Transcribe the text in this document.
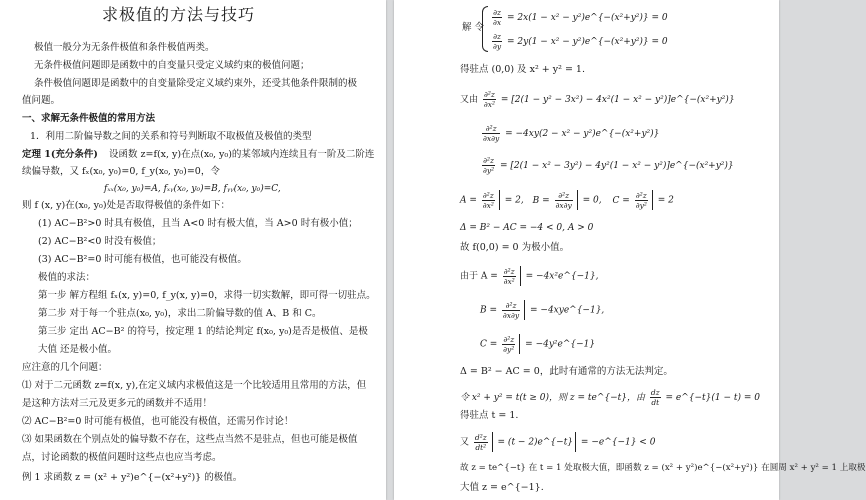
求极值的方法与技巧
极值一般分为无条件极值和条件极值两类。
无条件极值问题即是函数中的自变量只受定义域约束的极值问题；
条件极值问题即是函数中的自变量除受定义域约束外，还受其他条件限制的极
值问题。
一、求解无条件极值的常用方法
1．利用二阶偏导数之间的关系和符号判断取不取极值及极值的类型
定理 1(充分条件) 设函数 z=f(x, y)在点(x₀, y₀)的某邻域内连续且有一阶及二阶连
续偏导数，又 fₓ(x₀, y₀)=0, f_y(x₀, y₀)=0，令
fₓₓ(x₀, y₀)=A, fₓᵧ(x₀, y₀)=B, fᵧᵧ(x₀, y₀)=C,
则 f (x, y)在(x₀, y₀)处是否取得极值的条件如下：
(1) AC−B²>0 时具有极值，且当 A<0 时有极大值，当 A>0 时有极小值；
(2) AC−B²<0 时没有极值；
(3) AC−B²=0 时可能有极值，也可能没有极值。
极值的求法：
第一步 解方程组 fₓ(x, y)=0, f_y(x, y)=0，求得一切实数解，即可得一切驻点。
第二步 对于每一个驻点(x₀, y₀)，求出二阶偏导数的值 A、B 和 C。
第三步 定出 AC−B² 的符号，按定理 1 的结论判定 f(x₀, y₀)是否是极值、是极
大值 还是极小值。
应注意的几个问题：
⑴ 对于二元函数 z=f(x, y),在定义域内求极值这是一个比较适用且常用的方法，但
是这种方法对三元及更多元的函数并不适用！
⑵ AC−B²=0 时可能有极值，也可能没有极值，还需另作讨论！
⑶ 如果函数在个别点处的偏导数不存在，这些点当然不是驻点，但也可能是极值
点，讨论函数的极值问题时这些点也应当考虑。
例 1 求函数 z = (x² + y²)e^{−(x²+y²)} 的极值。
解 令
$\frac{\partial z}{\partial x} = 2x(1 - x^2$ − y²)e^{−(x²+y²)} = 0
$\frac{\partial z}{\partial y} = 2y(1 - x^2$ − y²)e^{−(x²+y²)} = 0
得驻点 (0,0) 及 x² + y² = 1.
又由 $\frac{\text{∂²z}}{\text{∂x²}} = [2(1 - y^2 - 3x^2) - 4x^2(1 - x^2$ − y²)]e^{−(x²+y²)}
$\frac{\text{∂²z}}{\partial x\partial y} = -4xy(2 - x^2$ − y²)e^{−(x²+y²)}
$\frac{\text{∂²z}}{\text{∂y²}} = [2(1 - x^2 - 3y^2) - 4y^2(1 - x^2$ − y²)]e^{−(x²+y²)}
$A = \frac{\text{∂²z}}{\text{∂x²}} = 2$, $B = \frac{\text{∂²z}}{\partial x\partial y} = 0$, $C = \frac{\text{∂²z}}{\text{∂y²}} = 2$
Δ = B² − AC = −4 < 0, A > 0
故 f(0,0) = 0 为极小值。
由于 $A = \frac{\text{∂²z}}{\text{∂x²}}$ = −4x²e^{−1},
$B = \frac{\text{∂²z}}{\partial x\partial y}$ = −4xye^{−1},
$C = \frac{\text{∂²z}}{\text{∂y²}}$ = −4y²e^{−1}
Δ = B² − AC = 0，此时有通常的方法无法判定。
令 x² + y² = t(t ≥ 0)，则 z = te^{−t}，由 $\frac{dz}{dt}$ = e^{−t}(1 − t) = 0
得驻点 t = 1.
又 $\frac{\text{d²z}}{\text{dt²}} = (t$ − 2)e^{−t} = −e^{−1} < 0
故 z = te^{−t} 在 t = 1 处取极大值，即函数 z = (x² + y²)e^{−(x²+y²)} 在圆周 x² + y² = 1 上取极
大值 z = e^{−1}.
